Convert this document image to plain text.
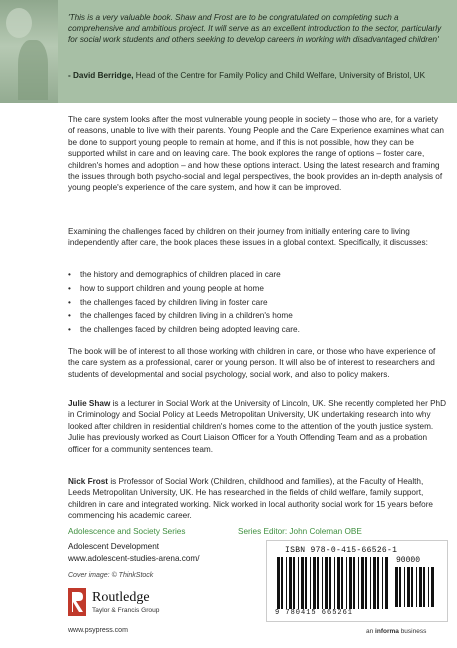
'This is a very valuable book. Shaw and Frost are to be congratulated on completing such a comprehensive and ambitious project. It will serve as an excellent introduction to the sector, particularly for social work students and others seeking to develop careers in working with disadvantaged children'
- David Berridge, Head of the Centre for Family Policy and Child Welfare, University of Bristol, UK

The care system looks after the most vulnerable young people in society – those who are, for a variety of reasons, unable to live with their parents. Young People and the Care Experience examines what can be done to support young people to remain at home, and if this is not possible, how they can be supported whilst in care and on leaving care. The book explores the range of options – foster care, children's homes and adoption – and how these options interact. Using the latest research and framing the issues through both psycho-social and legal perspectives, the book provides an in-depth analysis of young people's experience of the care system, and how it can be improved.

Examining the challenges faced by children on their journey from initially entering care to living independently after care, the book places these issues in a global context. Specifically, it discusses:

• the history and demographics of children placed in care
• how to support children and young people at home
• the challenges faced by children living in foster care
• the challenges faced by children living in a children's home
• the challenges faced by children being adopted leaving care.

The book will be of interest to all those working with children in care, or those who have experience of the care system as a professional, carer or young person. It will also be of interest to researchers and students of developmental and social psychology, social work, and also to policy makers.

Julie Shaw is a lecturer in Social Work at the University of Lincoln, UK. She recently completed her PhD in Criminology and Social Policy at Leeds Metropolitan University, UK undertaking research into why looked after children in residential children's homes come to the attention of the youth justice system. Julie has previously worked as Court Liaison Officer for a Youth Offending Team and as a probation officer for a community sentences team.

Nick Frost is Professor of Social Work (Children, childhood and families), at the Faculty of Health, Leeds Metropolitan University, UK. He has researched in the fields of child welfare, family support, children in care and integrated working. Nick worked in local authority social work for 15 years before commencing his academic career.

Adolescence and Society Series	Series Editor: John Coleman OBE
Adolescent Development
www.adolescent-studies-arena.com/
Cover image: © ThinkStock
Routledge
Taylor & Francis Group
www.psypress.com
ISBN 978-0-415-66526-1
90000
9 780415 665261
an informa business
